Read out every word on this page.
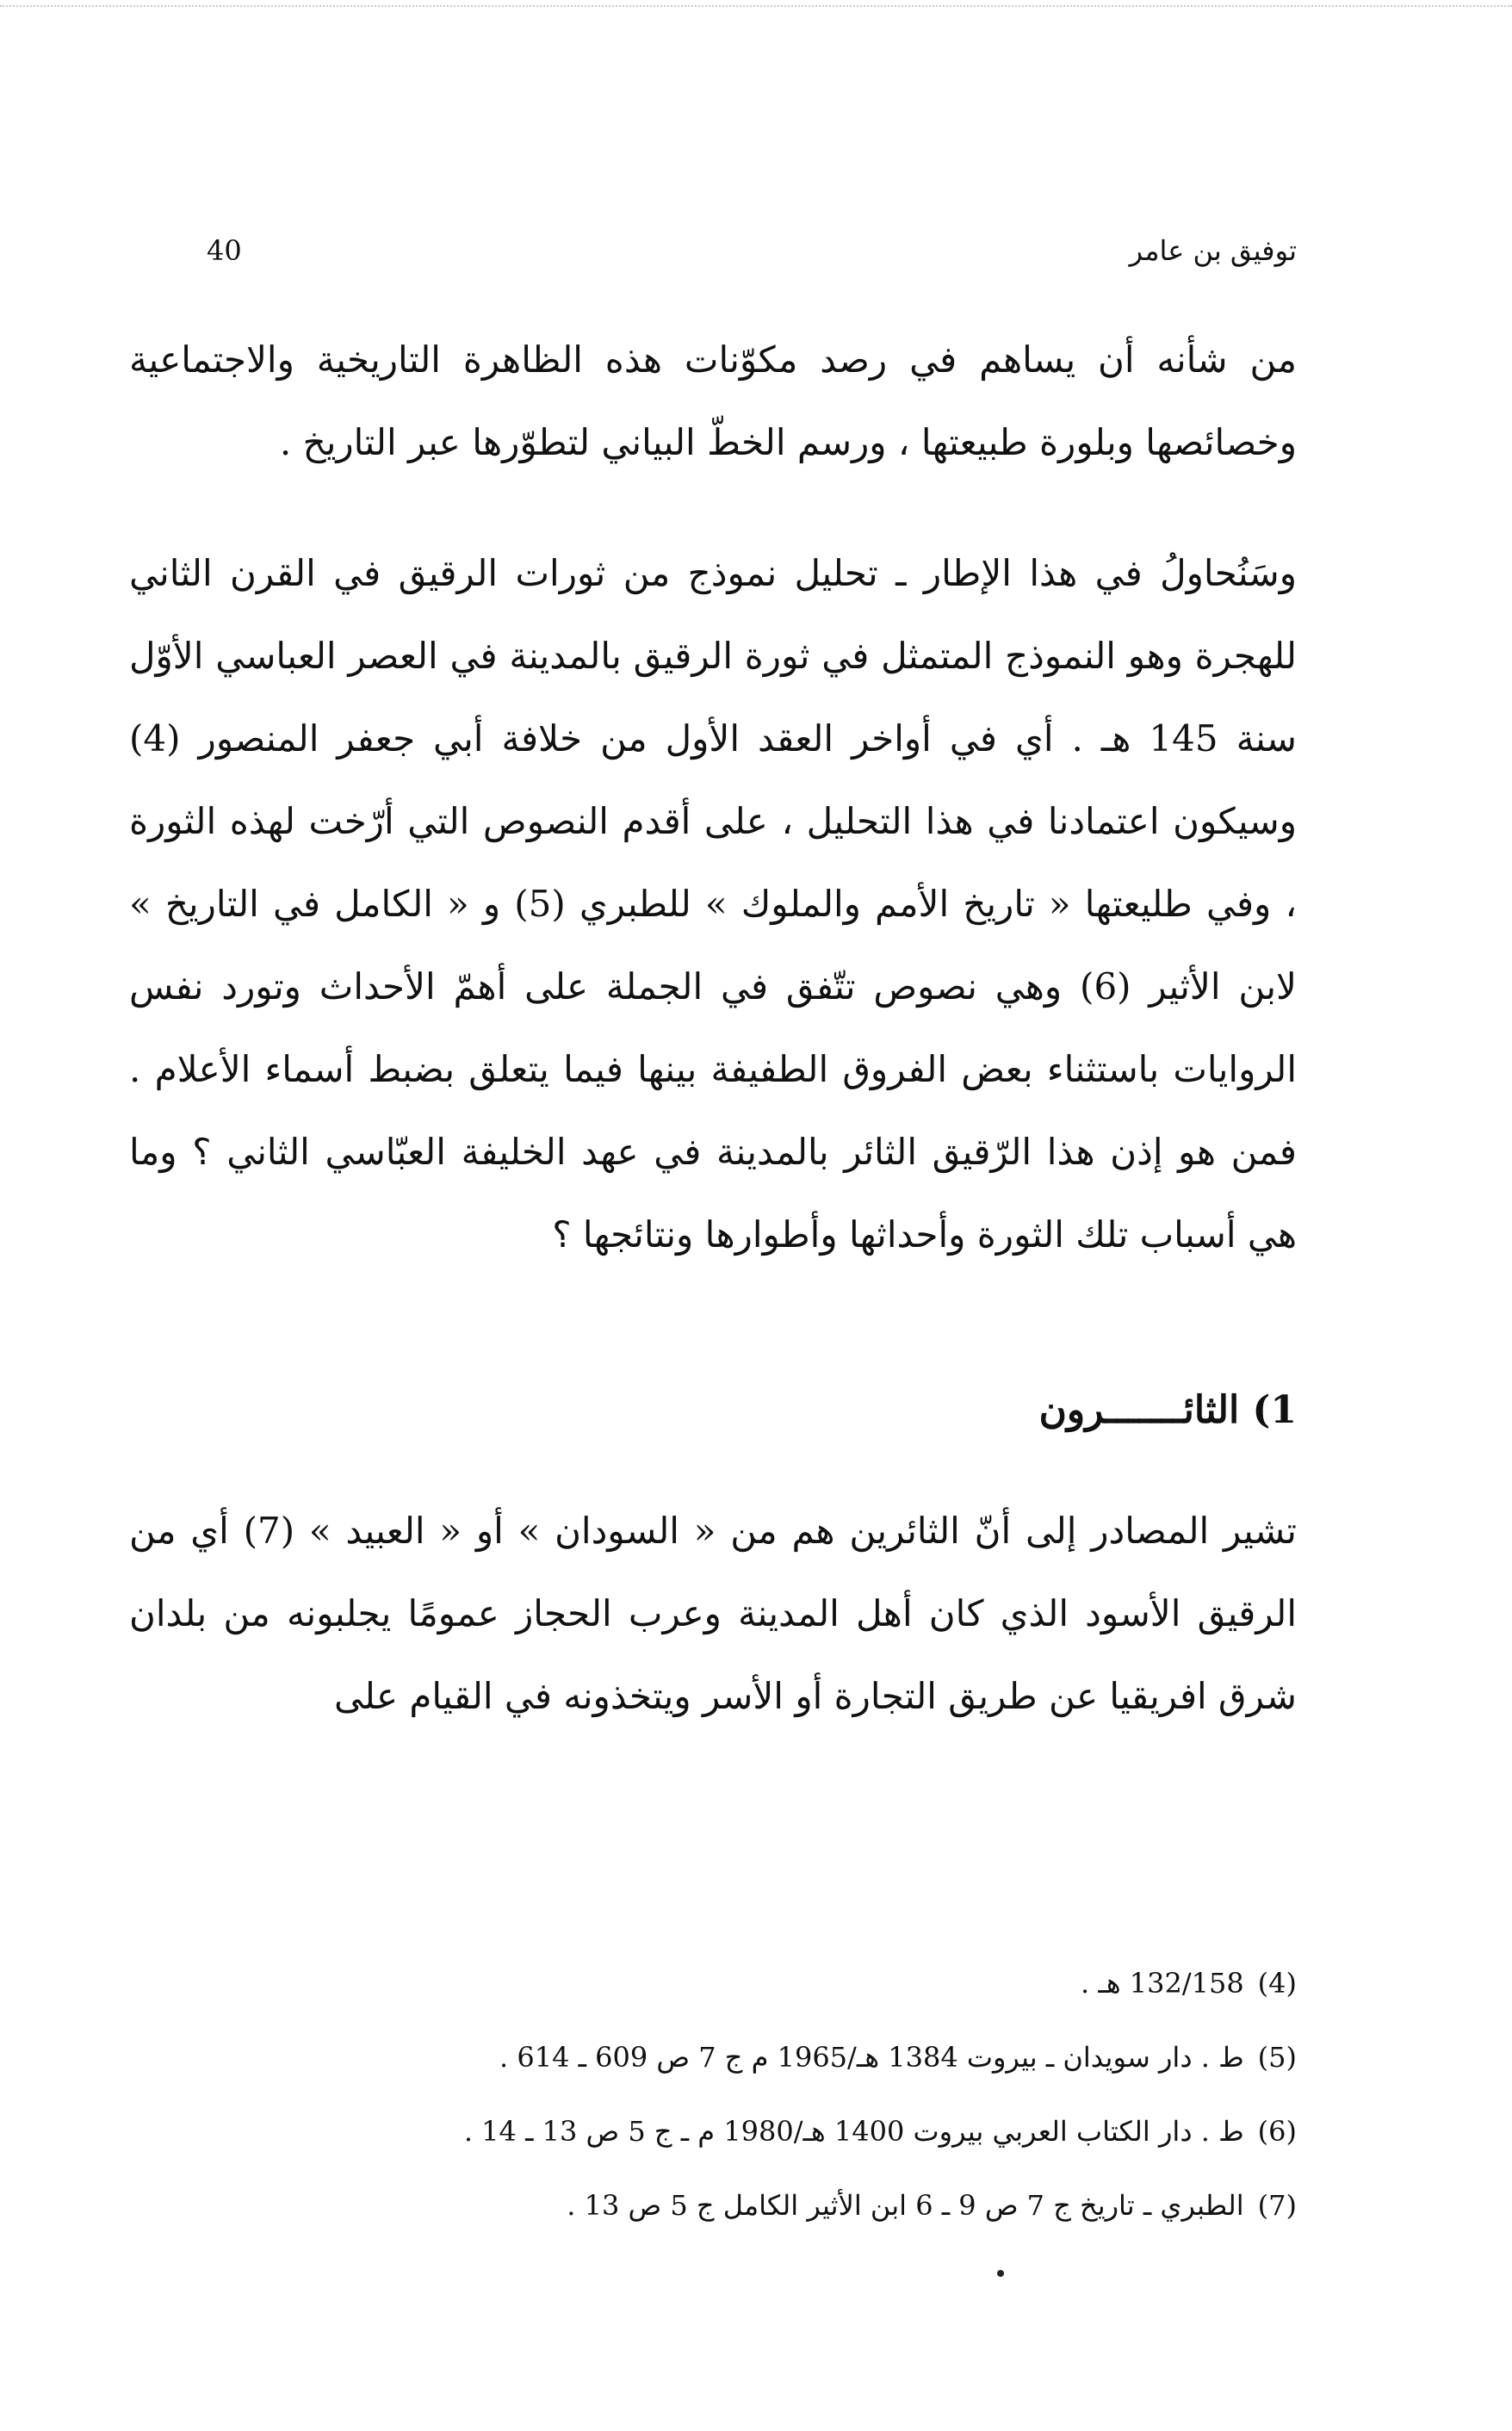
40	توفيق بن عامر

من شأنه أن يساهم في رصد مكوّنات هذه الظاهرة التاريخية والاجتماعية وخصائصها وبلورة طبيعتها ، ورسم الخطّ البياني لتطوّرها عبر التاريخ .

وسَنُحاولُ في هذا الإطار ـ تحليل نموذج من ثورات الرقيق في القرن الثاني للهجرة وهو النموذج المتمثل في ثورة الرقيق بالمدينة في العصر العباسي الأوّل سنة 145 هـ . أي في أواخر العقد الأول من خلافة أبي جعفر المنصور (4) وسيكون اعتمادنا في هذا التحليل ، على أقدم النصوص التي أرّخت لهذه الثورة ، وفي طليعتها « تاريخ الأمم والملوك » للطبري (5) و « الكامل في التاريخ » لابن الأثير (6) وهي نصوص تتّفق في الجملة على أهمّ الأحداث وتورد نفس الروايات باستثناء بعض الفروق الطفيفة بينها فيما يتعلق بضبط أسماء الأعلام . فمن هو إذن هذا الرّقيق الثائر بالمدينة في عهد الخليفة العبّاسي الثاني ؟ وما هي أسباب تلك الثورة وأحداثها وأطوارها ونتائجها ؟

1) الثائـــــــرون

تشير المصادر إلى أنّ الثائرين هم من « السودان » أو « العبيد » (7) أي من الرقيق الأسود الذي كان أهل المدينة وعرب الحجاز عمومًا يجلبونه من بلدان شرق افريقيا عن طريق التجارة أو الأسر ويتخذونه في القيام على

(4)132/158 هـ .

(5)ط . دار سويدان ـ بيروت 1384 هـ/1965 م ج 7 ص 609 ـ 614 .

(6)ط . دار الكتاب العربي بيروت 1400 هـ/1980 م ـ ج 5 ص 13 ـ 14 .

(7)الطبري ـ تاريخ ج 7 ص 9 ـ 6 ابن الأثير الكامل ج 5 ص 13 .
